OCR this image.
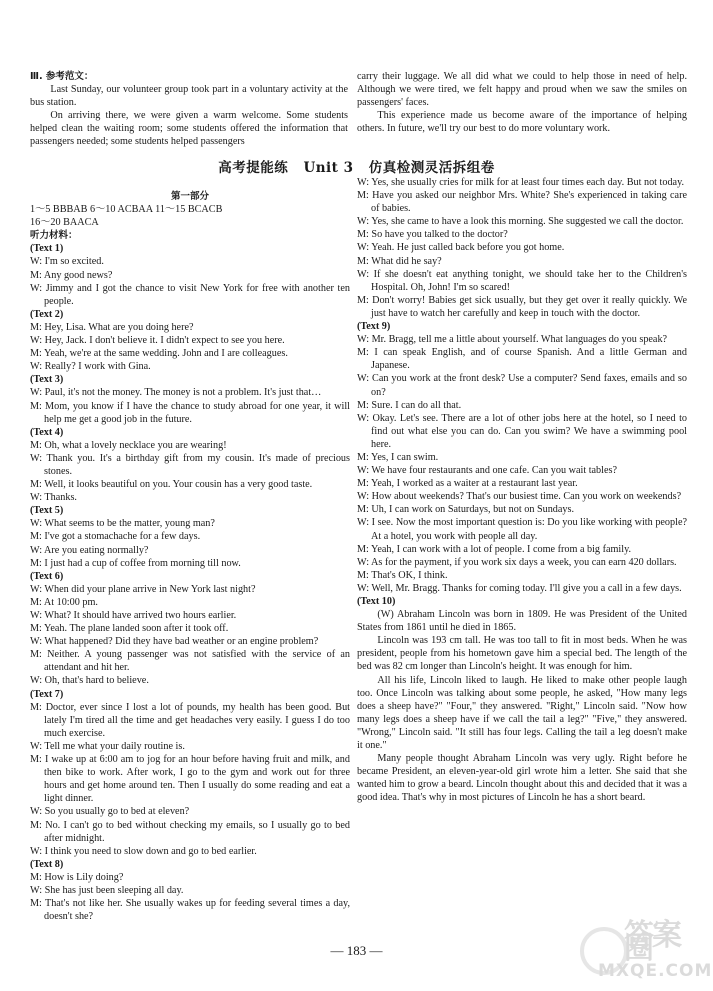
Ⅲ. 参考范文：

Last Sunday, our volunteer group took part in a voluntary activity at the bus station.

On arriving there, we were given a warm welcome. Some students helped clean the waiting room; some students offered the information that passengers needed; some students helped passengers

carry their luggage. We all did what we could to help those in need of help. Although we were tired, we felt happy and proud when we saw the smiles on passengers' faces.

This experience made us become aware of the importance of helping others. In future, we'll try our best to do more voluntary work.

高考提能练 Unit 3 仿真检测灵活拆组卷

第一部分

1～5 BBBAB 6～10 ACBAA 11～15 BCACB

16～20 BAACA

听力材料：

(Text 1)

W: I'm so excited.

M: Any good news?

W: Jimmy and I got the chance to visit New York for free with another ten people.

(Text 2)

M: Hey, Lisa. What are you doing here?

W: Hey, Jack. I don't believe it. I didn't expect to see you here.

M: Yeah, we're at the same wedding. John and I are colleagues.

W: Really? I work with Gina.

(Text 3)

W: Paul, it's not the money. The money is not a problem. It's just that…

M: Mom, you know if I have the chance to study abroad for one year, it will help me get a good job in the future.

(Text 4)

M: Oh, what a lovely necklace you are wearing!

W: Thank you. It's a birthday gift from my cousin. It's made of precious stones.

M: Well, it looks beautiful on you. Your cousin has a very good taste.

W: Thanks.

(Text 5)

W: What seems to be the matter, young man?

M: I've got a stomachache for a few days.

W: Are you eating normally?

M: I just had a cup of coffee from morning till now.

(Text 6)

W: When did your plane arrive in New York last night?

M: At 10:00 pm.

W: What? It should have arrived two hours earlier.

M: Yeah. The plane landed soon after it took off.

W: What happened? Did they have bad weather or an engine problem?

M: Neither. A young passenger was not satisfied with the service of an attendant and hit her.

W: Oh, that's hard to believe.

(Text 7)

M: Doctor, ever since I lost a lot of pounds, my health has been good. But lately I'm tired all the time and get headaches very easily. I guess I do too much exercise.

W: Tell me what your daily routine is.

M: I wake up at 6:00 am to jog for an hour before having fruit and milk, and then bike to work. After work, I go to the gym and work out for three hours and get home around ten. Then I usually do some reading and eat a light dinner.

W: So you usually go to bed at eleven?

M: No. I can't go to bed without checking my emails, so I usually go to bed after midnight.

W: I think you need to slow down and go to bed earlier.

(Text 8)

M: How is Lily doing?

W: She has just been sleeping all day.

M: That's not like her. She usually wakes up for feeding several times a day, doesn't she?

W: Yes, she usually cries for milk for at least four times each day. But not today.

M: Have you asked our neighbor Mrs. White? She's experienced in taking care of babies.

W: Yes, she came to have a look this morning. She suggested we call the doctor.

M: So have you talked to the doctor?

W: Yeah. He just called back before you got home.

M: What did he say?

W: If she doesn't eat anything tonight, we should take her to the Children's Hospital. Oh, John! I'm so scared!

M: Don't worry! Babies get sick usually, but they get over it really quickly. We just have to watch her carefully and keep in touch with the doctor.

(Text 9)

W: Mr. Bragg, tell me a little about yourself. What languages do you speak?

M: I can speak English, and of course Spanish. And a little German and Japanese.

W: Can you work at the front desk? Use a computer? Send faxes, emails and so on?

M: Sure. I can do all that.

W: Okay. Let's see. There are a lot of other jobs here at the hotel, so I need to find out what else you can do. Can you swim? We have a swimming pool here.

M: Yes, I can swim.

W: We have four restaurants and one cafe. Can you wait tables?

M: Yeah, I worked as a waiter at a restaurant last year.

W: How about weekends? That's our busiest time. Can you work on weekends?

M: Uh, I can work on Saturdays, but not on Sundays.

W: I see. Now the most important question is: Do you like working with people? At a hotel, you work with people all day.

M: Yeah, I can work with a lot of people. I come from a big family.

W: As for the payment, if you work six days a week, you can earn 420 dollars.

M: That's OK, I think.

W: Well, Mr. Bragg. Thanks for coming today. I'll give you a call in a few days.

(Text 10)

(W) Abraham Lincoln was born in 1809. He was President of the United States from 1861 until he died in 1865.

Lincoln was 193 cm tall. He was too tall to fit in most beds. When he was president, people from his hometown gave him a special bed. The length of the bed was 82 cm longer than Lincoln's height. It was enough for him.

All his life, Lincoln liked to laugh. He liked to make other people laugh too. Once Lincoln was talking about some people, he asked, "How many legs does a sheep have?" "Four," they answered. "Right," Lincoln said. "Now how many legs does a sheep have if we call the tail a leg?" "Five," they answered. "Wrong," Lincoln said. "It still has four legs. Calling the tail a leg doesn't make it one."

Many people thought Abraham Lincoln was very ugly. Right before he became President, an eleven-year-old girl wrote him a letter. She said that she wanted him to grow a beard. Lincoln thought about this and decided that it was a good idea. That's why in most pictures of Lincoln he has a short beard.

— 183 —	答案圈
MXQE.COM
